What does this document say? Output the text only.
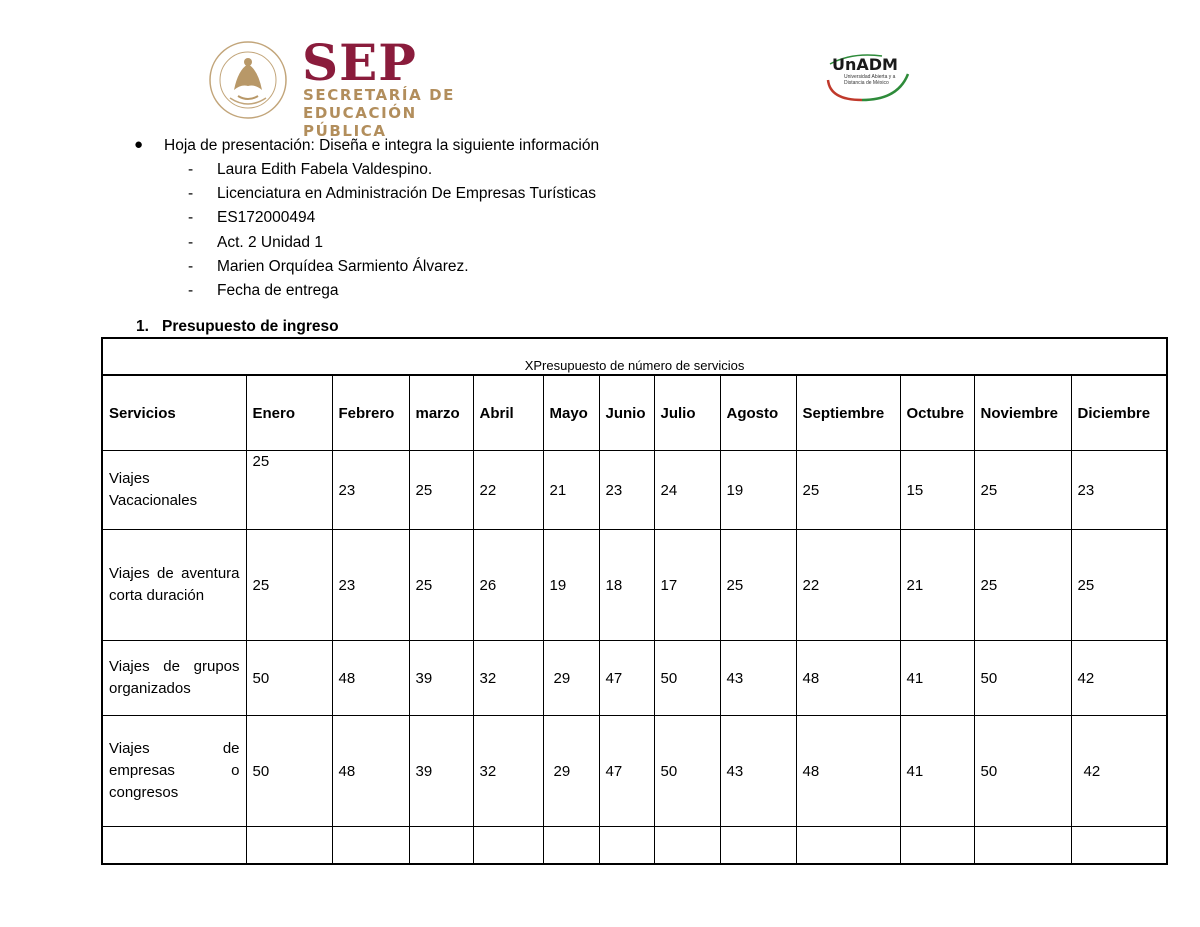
SEP
SECRETARÍA DE
EDUCACIÓN PÚBLICA
UnADM
Universidad Abierta y a Distancia de México
● Hoja de presentación: Diseña e integra la siguiente información
- Laura Edith Fabela Valdespino.
- Licenciatura en Administración De Empresas Turísticas
- ES172000494
- Act. 2 Unidad 1
- Marien Orquídea Sarmiento Álvarez.
- Fecha de entrega
1. Presupuesto de ingreso
XPresupuesto de número de servicios												
Servicios	Enero	Febrero	marzo	Abril	Mayo	Junio	Julio	Agosto	Septiembre	Octubre	Noviembre	Diciembre
Viajes Vacacionales	25	23	25	22	21	23	24	19	25	15	25	23
Viajes de aventura corta duración	25	23	25	26	19	18	17	25	22	21	25	25
Viajes de grupos organizados	50	48	39	32	29	47	50	43	48	41	50	42
Viajes de empresas o congresos	50	48	39	32	29	47	50	43	48	41	50	42
